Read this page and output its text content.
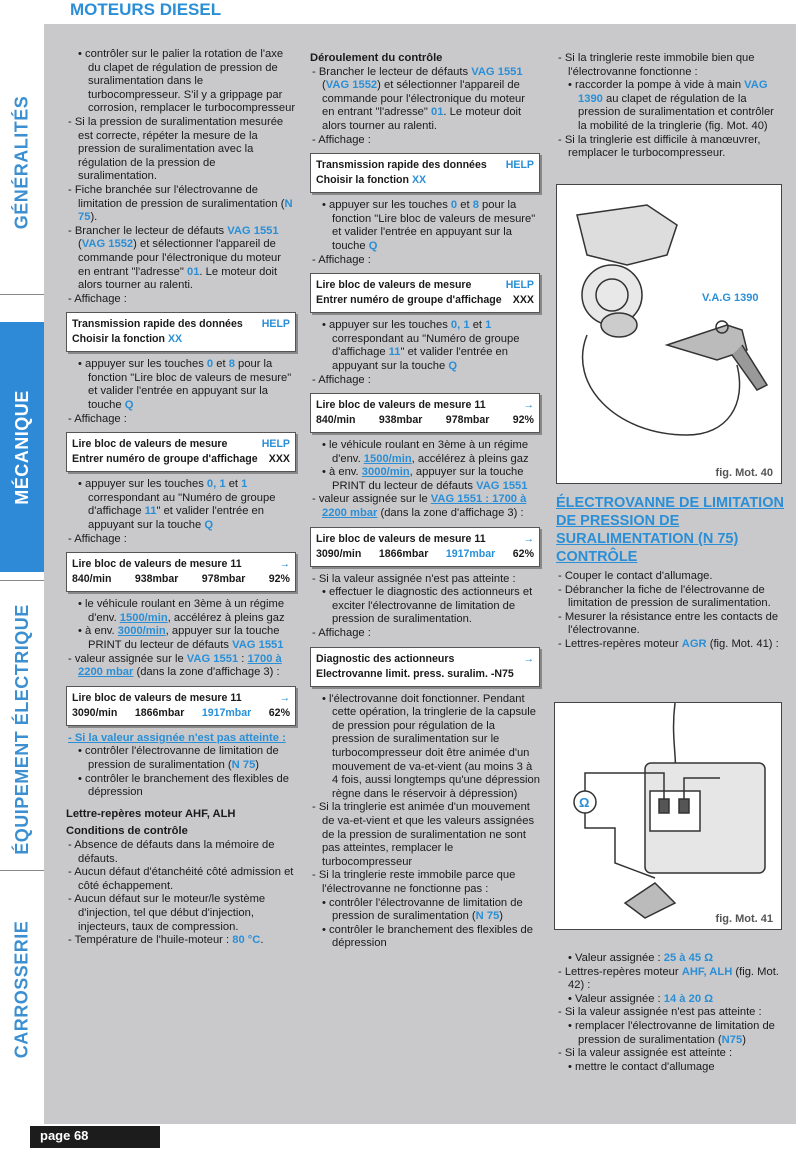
MOTEURS DIESEL
GÉNÉRALITÉS
MÉCANIQUE
ÉQUIPEMENT ÉLECTRIQUE
CARROSSERIE

• contrôler sur le palier la rotation de l'axe du clapet de régulation de pression de suralimentation dans le turbocompresseur. S'il y a grippage par corrosion, remplacer le turbocompresseur

- Si la pression de suralimentation mesurée est correcte, répéter la mesure de la pression de suralimentation avec la régulation de la pression de suralimentation.

- Fiche branchée sur l'électrovanne de limitation de pression de suralimentation (N 75).

- Brancher le lecteur de défauts VAG 1551 (VAG 1552) et sélectionner l'appareil de commande pour l'électronique du moteur en entrant "l'adresse" 01. Le moteur doit alors tourner au ralenti.

- Affichage :

Transmission rapide des données HELP
Choisir la fonction XX

• appuyer sur les touches 0 et 8 pour la fonction "Lire bloc de valeurs de mesure" et valider l'entrée en appuyant sur la touche Q

- Affichage :

Lire bloc de valeurs de mesure	HELP
Entrer numéro de groupe d'affichage XXX

• appuyer sur les touches 0, 1 et 1 correspondant au "Numéro de groupe d'affichage 11" et valider l'entrée en appuyant sur la touche Q

- Affichage :

Lire bloc de valeurs de mesure 11	→
840/min 938mbar 978mbar 92%

• le véhicule roulant en 3ème à un régime d'env. 1500/min, accélérez à pleins gaz

• à env. 3000/min, appuyer sur la touche PRINT du lecteur de défauts VAG 1551

- valeur assignée sur le VAG 1551 : 1700 à 2200 mbar (dans la zone d'affichage 3) :

Lire bloc de valeurs de mesure 11	→
3090/min 1866mbar 1917mbar 62%

- Si la valeur assignée n'est pas atteinte :

• contrôler l'électrovanne de limitation de pression de suralimentation (N 75)

• contrôler le branchement des flexibles de dépression

Lettre-repères moteur AHF, ALH

Conditions de contrôle

- Absence de défauts dans la mémoire de défauts.

- Aucun défaut d'étanchéité côté admission et côté échappement.

- Aucun défaut sur le moteur/le système d'injection, tel que début d'injection, injecteurs, taux de compression.

- Température de l'huile-moteur : 80 °C.

Déroulement du contrôle

- Brancher le lecteur de défauts VAG 1551 (VAG 1552) et sélectionner l'appareil de commande pour l'électronique du moteur en entrant "l'adresse" 01. Le moteur doit alors tourner au ralenti.

- Affichage :

Transmission rapide des données HELP
Choisir la fonction XX

• appuyer sur les touches 0 et 8 pour la fonction "Lire bloc de valeurs de mesure" et valider l'entrée en appuyant sur la touche Q

- Affichage :

Lire bloc de valeurs de mesure	HELP
Entrer numéro de groupe d'affichage XXX

• appuyer sur les touches 0, 1 et 1 correspondant au "Numéro de groupe d'affichage 11" et valider l'entrée en appuyant sur la touche Q

- Affichage :

Lire bloc de valeurs de mesure 11	→
840/min 938mbar 978mbar 92%

• le véhicule roulant en 3ème à un régime d'env. 1500/min, accélérez à pleins gaz

• à env. 3000/min, appuyer sur la touche PRINT du lecteur de défauts VAG 1551

- valeur assignée sur le VAG 1551 : 1700 à 2200 mbar (dans la zone d'affichage 3) :

Lire bloc de valeurs de mesure 11	→
3090/min 1866mbar 1917mbar 62%

- Si la valeur assignée n'est pas atteinte :

• effectuer le diagnostic des actionneurs et exciter l'électrovanne de limitation de pression de suralimentation.

- Affichage :

Diagnostic des actionneurs	→
Electrovanne limit. press. suralim. -N75

• l'électrovanne doit fonctionner. Pendant cette opération, la tringlerie de la capsule de pression pour régulation de la pression de suralimentation sur le turbocompresseur doit être animée d'un mouvement de va-et-vient (au moins 3 à 4 fois, aussi longtemps qu'une dépression règne dans le réservoir à dépression)

- Si la tringlerie est animée d'un mouvement de va-et-vient et que les valeurs assignées de la pression de suralimentation ne sont pas atteintes, remplacer le turbocompresseur

- Si la tringlerie reste immobile parce que l'électrovanne ne fonctionne pas :

• contrôler l'électrovanne de limitation de pression de suralimentation (N 75)

• contrôler le branchement des flexibles de dépression

- Si la tringlerie reste immobile bien que l'électrovanne fonctionne :

• raccorder la pompe à vide à main VAG 1390 au clapet de régulation de la pression de suralimentation et contrôler la mobilité de la tringlerie (fig. Mot. 40)

- Si la tringlerie est difficile à manœuvrer, remplacer le turbocompresseur.

V.A.G 1390
fig. Mot. 40

ÉLECTROVANNE DE LIMITATION DE PRESSION DE SURALIMENTATION (N 75) CONTRÔLE

- Couper le contact d'allumage.

- Débrancher la fiche de l'électrovanne de limitation de pression de suralimentation.

- Mesurer la résistance entre les contacts de l'électrovanne.

- Lettres-repères moteur AGR (fig. Mot. 41) :

Ω
fig. Mot. 41

• Valeur assignée : 25 à 45 Ω

- Lettres-repères moteur AHF, ALH (fig. Mot. 42) :

• Valeur assignée : 14 à 20 Ω

- Si la valeur assignée n'est pas atteinte :

• remplacer l'électrovanne de limitation de pression de suralimentation (N75)

- Si la valeur assignée est atteinte :

• mettre le contact d'allumage

page 68
